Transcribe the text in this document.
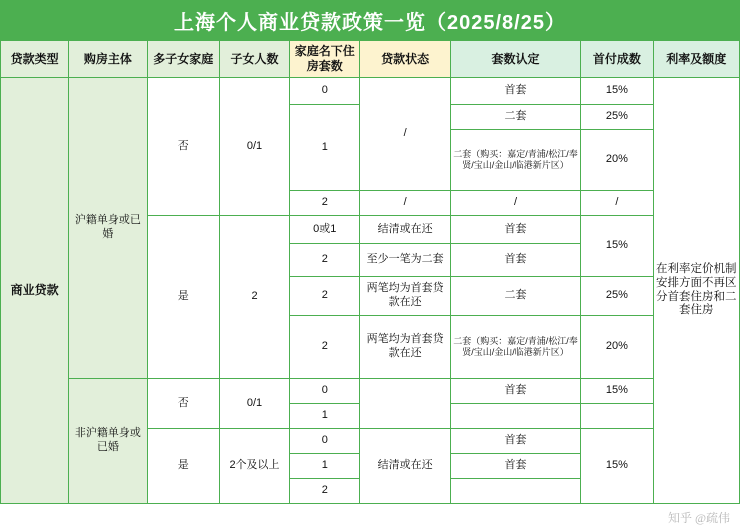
上海个人商业贷款政策一览（2025/8/25）
贷款类型	购房主体	多子女家庭	子女人数	家庭名下住房套数	贷款状态	套数认定	首付成数	利率及额度
商业贷款	沪籍单身或已婚	否	0/1	0	/	首套	15%	在利率定价机制安排方面不再区分首套住房和二套住房
				1		二套	25%	
						二套（购买：嘉定/青浦/松江/奉贤/宝山/金山/临港新片区）	20%	
				2	/	/	/	
		是	2	0或1	结清或在还	首套	15%	
				2	至少一笔为二套	首套		
				2	两笔均为首套贷款在还	二套	25%	
				2	两笔均为首套贷款在还	二套（购买：嘉定/青浦/松江/奉贤/宝山/金山/临港新片区）	20%	
	非沪籍单身或已婚	否	0/1	0		首套	15%	
				1				
		是	2个及以上	0	结清或在还	首套	15%	
				1		首套		
				2				
知乎 @疏伟
